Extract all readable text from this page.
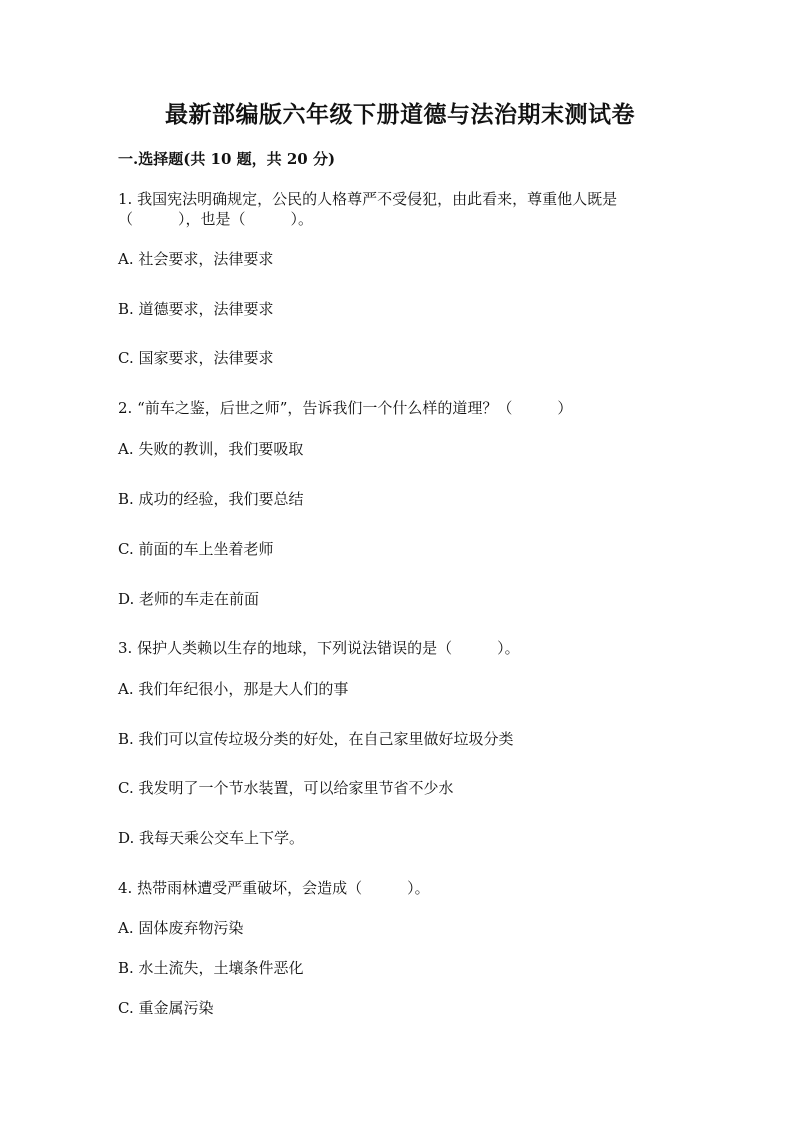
最新部编版六年级下册道德与法治期末测试卷
一.选择题(共 10 题，共 20 分)
1. 我国宪法明确规定，公民的人格尊严不受侵犯，由此看来，尊重他人既是
（　　　），也是（　　　）。
A. 社会要求，法律要求
B. 道德要求，法律要求
C. 国家要求，法律要求
2. “前车之鉴，后世之师”，告诉我们一个什么样的道理？（　　　）
A. 失败的教训，我们要吸取
B. 成功的经验，我们要总结
C. 前面的车上坐着老师
D. 老师的车走在前面
3. 保护人类赖以生存的地球，下列说法错误的是（　　　）。
A. 我们年纪很小，那是大人们的事
B. 我们可以宣传垃圾分类的好处，在自己家里做好垃圾分类
C. 我发明了一个节水装置，可以给家里节省不少水
D. 我每天乘公交车上下学。
4. 热带雨林遭受严重破坏，会造成（　　　）。
A. 固体废弃物污染
B. 水土流失，土壤条件恶化
C. 重金属污染
